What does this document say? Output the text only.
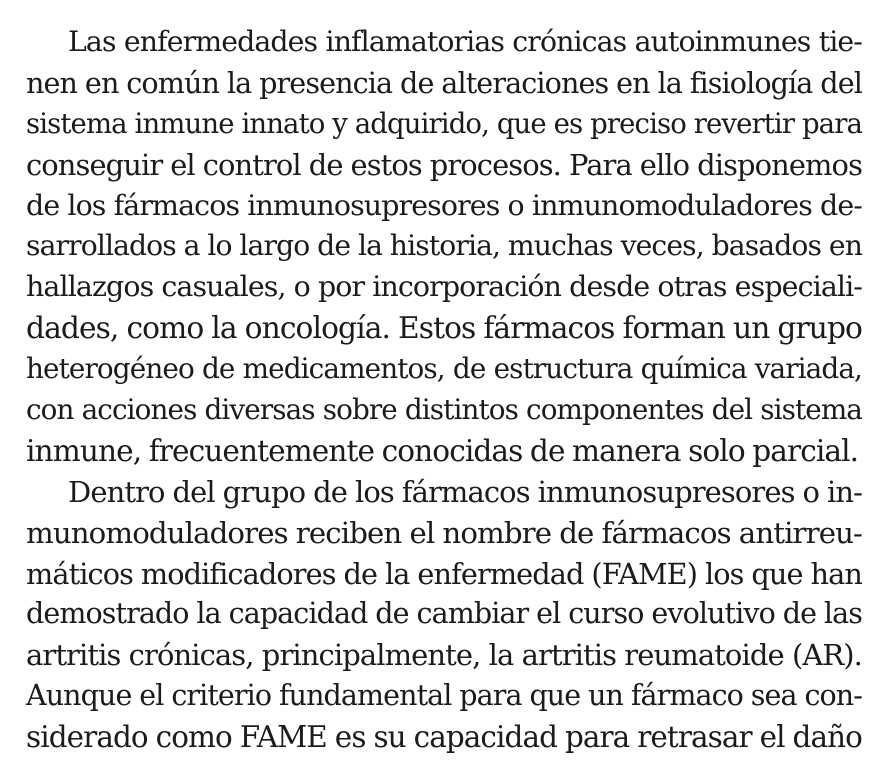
Las enfermedades inflamatorias crónicas autoinmunes tie-
nen en común la presencia de alteraciones en la fisiología del
sistema inmune innato y adquirido, que es preciso revertir para
conseguir el control de estos procesos. Para ello disponemos
de los fármacos inmunosupresores o inmunomoduladores de-
sarrollados a lo largo de la historia, muchas veces, basados en
hallazgos casuales, o por incorporación desde otras especiali-
dades, como la oncología. Estos fármacos forman un grupo
heterogéneo de medicamentos, de estructura química variada,
con acciones diversas sobre distintos componentes del sistema
inmune, frecuentemente conocidas de manera solo parcial.
Dentro del grupo de los fármacos inmunosupresores o in-
munomoduladores reciben el nombre de fármacos antirreu-
máticos modificadores de la enfermedad (FAME) los que han
demostrado la capacidad de cambiar el curso evolutivo de las
artritis crónicas, principalmente, la artritis reumatoide (AR).
Aunque el criterio fundamental para que un fármaco sea con-
siderado como FAME es su capacidad para retrasar el daño
